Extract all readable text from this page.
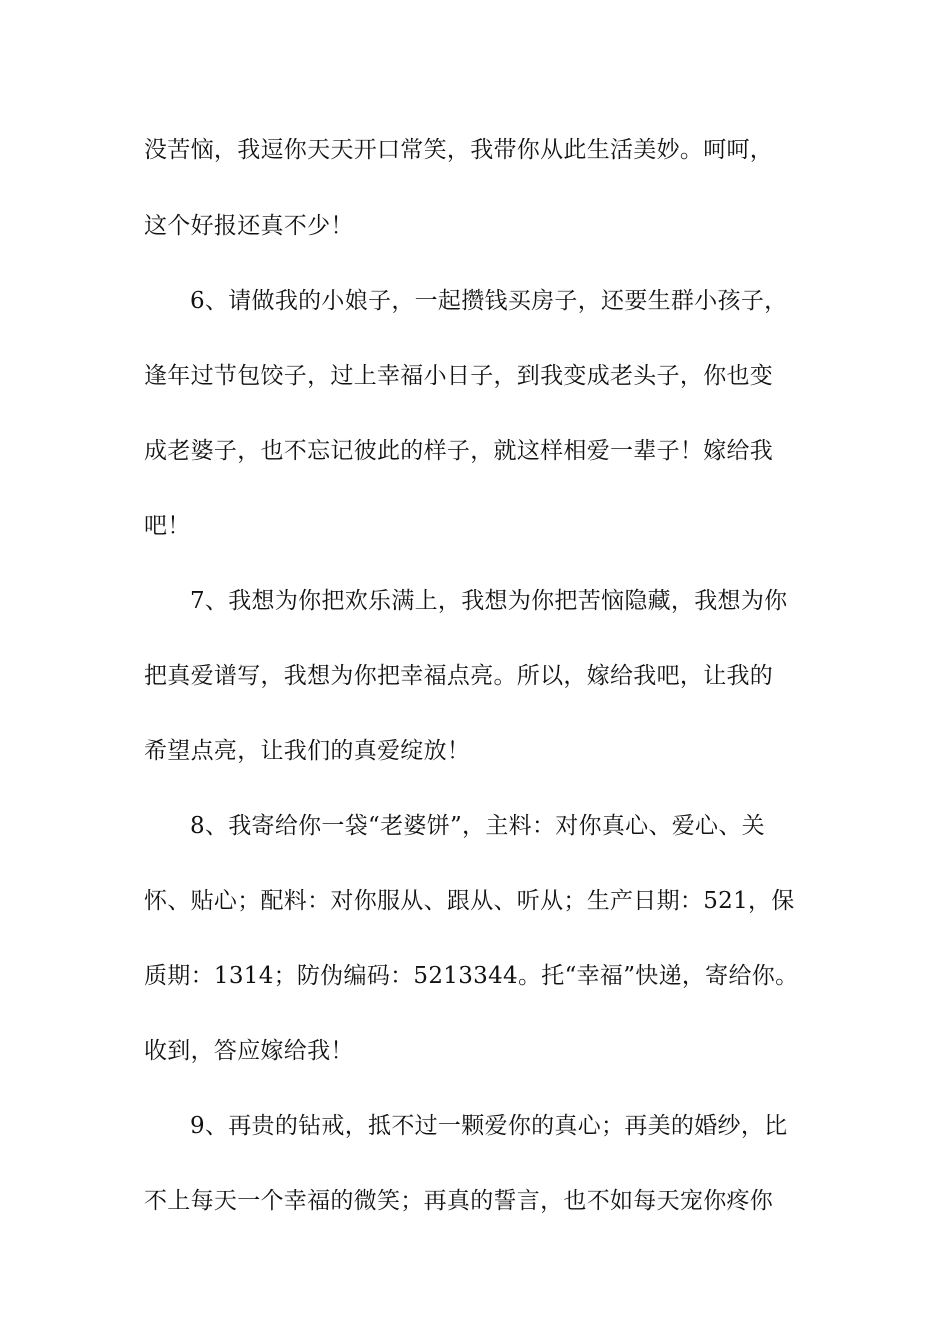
没苦恼，我逗你天天开口常笑，我带你从此生活美妙。呵呵，
这个好报还真不少！
6、请做我的小娘子，一起攒钱买房子，还要生群小孩子，
逢年过节包饺子，过上幸福小日子，到我变成老头子，你也变
成老婆子，也不忘记彼此的样子，就这样相爱一辈子！嫁给我
吧！
7、我想为你把欢乐满上，我想为你把苦恼隐藏，我想为你
把真爱谱写，我想为你把幸福点亮。所以，嫁给我吧，让我的
希望点亮，让我们的真爱绽放！
8、我寄给你一袋“老婆饼”，主料：对你真心、爱心、关
怀、贴心；配料：对你服从、跟从、听从；生产日期：521，保
质期：1314；防伪编码：5213344。托“幸福”快递，寄给你。
收到，答应嫁给我！
9、再贵的钻戒，抵不过一颗爱你的真心；再美的婚纱，比
不上每天一个幸福的微笑；再真的誓言，也不如每天宠你疼你
